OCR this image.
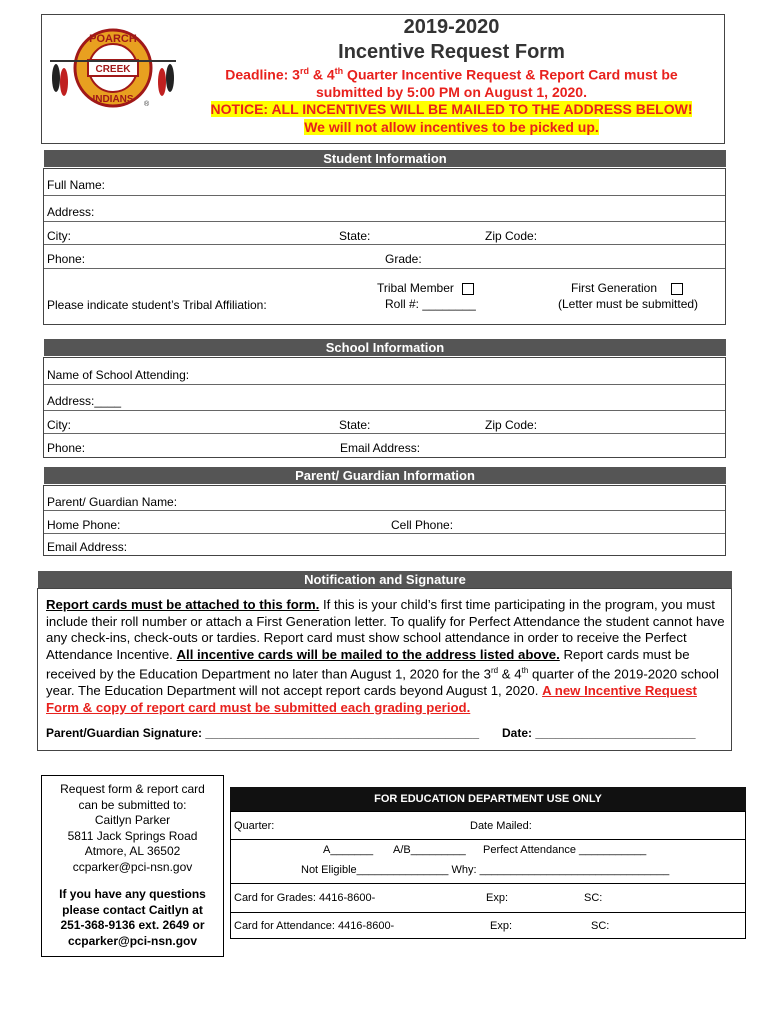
POARCH
CREEK
INDIANS ®
2019-2020
Incentive Request Form
Deadline: 3rd & 4th Quarter Incentive Request & Report Card must be
submitted by 5:00 PM on August 1, 2020.
NOTICE: ALL INCENTIVES WILL BE MAILED TO THE ADDRESS BELOW!
We will not allow incentives to be picked up.
Student Information
Full Name:
Address:
City:	State:	Zip Code:
Phone:	Grade:
Please indicate student’s Tribal Affiliation:
Tribal Member
Roll #: ________
First Generation
(Letter must be submitted)
School Information
Name of School Attending:
Address:____
City:	State:	Zip Code:
Phone:	Email Address:
Parent/ Guardian Information
Parent/ Guardian Name:
Home Phone:	Cell Phone:
Email Address:
Notification and Signature
Report cards must be attached to this form. If this is your child’s first time participating in the program, you must include their roll number or attach a First Generation letter. To qualify for Perfect Attendance the student cannot have any check-ins, check-outs or tardies. Report card must show school attendance in order to receive the Perfect Attendance Incentive. All incentive cards will be mailed to the address listed above. Report cards must be received by the Education Department no later than August 1, 2020 for the 3rd & 4th quarter of the 2019-2020 school year. The Education Department will not accept report cards beyond August 1, 2020. A new Incentive Request Form & copy of report card must be submitted each grading period.
Parent/Guardian Signature: _________________________________________ Date: ________________________
Request form & report card
can be submitted to:
Caitlyn Parker
5811 Jack Springs Road
Atmore, AL 36502
ccparker@pci-nsn.gov
If you have any questions
please contact Caitlyn at
251-368-9136 ext. 2649 or
ccparker@pci-nsn.gov
FOR EDUCATION DEPARTMENT USE ONLY
Quarter:	Date Mailed:
A_______ A/B_________ Perfect Attendance ___________
Not Eligible_______________ Why: _______________________________
Card for Grades: 4416-8600-	Exp:	SC:
Card for Attendance: 4416-8600-	Exp:	SC:
